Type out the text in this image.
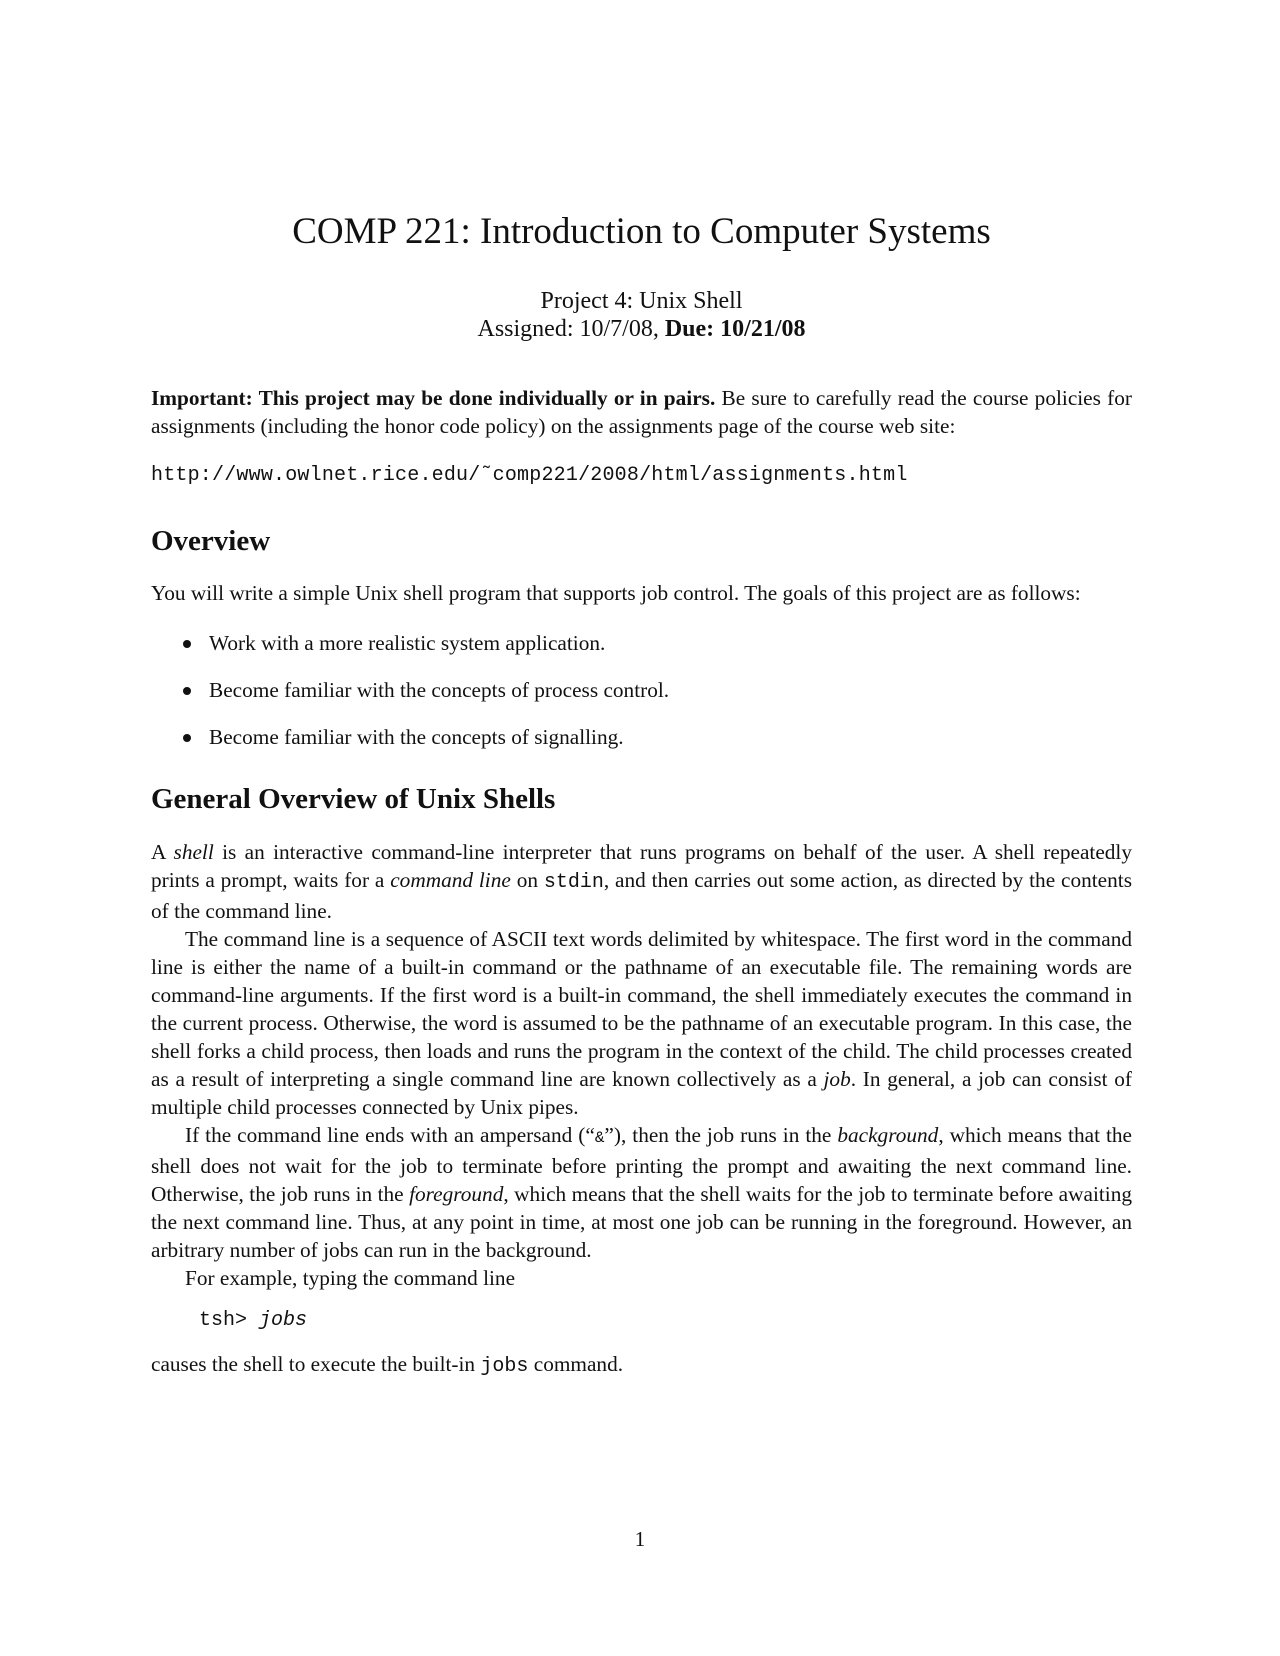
COMP 221: Introduction to Computer Systems
Project 4: Unix Shell
Assigned: 10/7/08, Due: 10/21/08

Important: This project may be done individually or in pairs. Be sure to carefully read the course policies for assignments (including the honor code policy) on the assignments page of the course web site:

http://www.owlnet.rice.edu/˜comp221/2008/html/assignments.html
Overview

You will write a simple Unix shell program that supports job control. The goals of this project are as follows:

Work with a more realistic system application.
Become familiar with the concepts of process control.
Become familiar with the concepts of signalling.
General Overview of Unix Shells

A shell is an interactive command-line interpreter that runs programs on behalf of the user. A shell repeatedly prints a prompt, waits for a command line on stdin, and then carries out some action, as directed by the contents of the command line.

The command line is a sequence of ASCII text words delimited by whitespace. The first word in the command line is either the name of a built-in command or the pathname of an executable file. The remaining words are command-line arguments. If the first word is a built-in command, the shell immediately executes the command in the current process. Otherwise, the word is assumed to be the pathname of an executable program. In this case, the shell forks a child process, then loads and runs the program in the context of the child. The child processes created as a result of interpreting a single command line are known collectively as a job. In general, a job can consist of multiple child processes connected by Unix pipes.

If the command line ends with an ampersand (“&”), then the job runs in the background, which means that the shell does not wait for the job to terminate before printing the prompt and awaiting the next command line. Otherwise, the job runs in the foreground, which means that the shell waits for the job to terminate before awaiting the next command line. Thus, at any point in time, at most one job can be running in the foreground. However, an arbitrary number of jobs can run in the background.

For example, typing the command line

tsh> jobs

causes the shell to execute the built-in jobs command.

1
